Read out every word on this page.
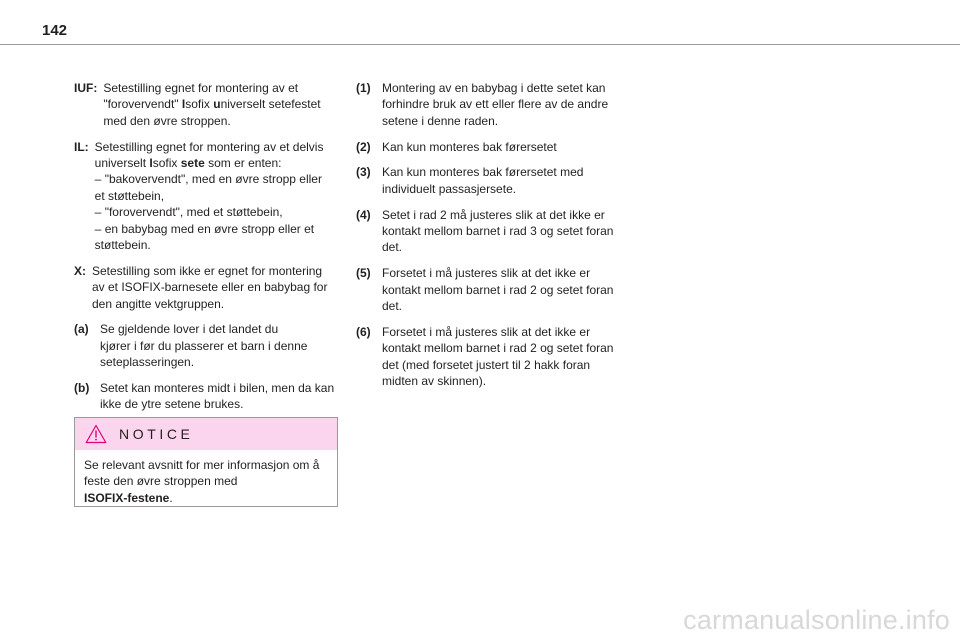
142
IUF: Setestilling egnet for montering av et
"forovervendt" Isofix universelt setefestet
med den øvre stroppen.
IL: Setestilling egnet for montering av et delvis
universelt Isofix sete som er enten:
– "bakovervendt", med en øvre stropp eller
et støttebein,
– "forovervendt", med et støttebein,
– en babybag med en øvre stropp eller et
støttebein.
X: Setestilling som ikke er egnet for montering
av et ISOFIX-barnesete eller en babybag for
den angitte vektgruppen.
(a) Se gjeldende lover i det landet du
kjører i før du plasserer et barn i denne
seteplasseringen.
(b) Setet kan monteres midt i bilen, men da kan
ikke de ytre setene brukes.
NOTICE
Se relevant avsnitt for mer informasjon om å
feste den øvre stroppen med
ISOFIX-festene.
(1) Montering av en babybag i dette setet kan
forhindre bruk av ett eller flere av de andre
setene i denne raden.
(2) Kan kun monteres bak førersetet
(3) Kan kun monteres bak førersetet med
individuelt passasjersete.
(4) Setet i rad 2 må justeres slik at det ikke er
kontakt mellom barnet i rad 3 og setet foran
det.
(5) Forsetet i må justeres slik at det ikke er
kontakt mellom barnet i rad 2 og setet foran
det.
(6) Forsetet i må justeres slik at det ikke er
kontakt mellom barnet i rad 2 og setet foran
det (med forsetet justert til 2 hakk foran
midten av skinnen).
carmanualsonline.info
